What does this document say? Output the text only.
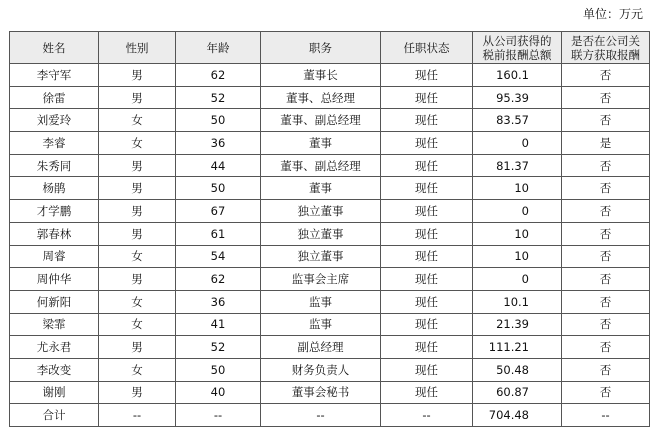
单位：万元
姓名	性别	年龄	职务	任职状态	从公司获得的税前报酬总额	是否在公司关联方获取报酬
李守军	男	62	董事长	现任	160.1	否
徐雷	男	52	董事、总经理	现任	95.39	否
刘爱玲	女	50	董事、副总经理	现任	83.57	否
李睿	女	36	董事	现任	0	是
朱秀同	男	44	董事、副总经理	现任	81.37	否
杨鹃	男	50	董事	现任	10	否
才学鹏	男	67	独立董事	现任	0	否
郭春林	男	61	独立董事	现任	10	否
周睿	女	54	独立董事	现任	10	否
周仲华	男	62	监事会主席	现任	0	否
何新阳	女	36	监事	现任	10.1	否
梁霏	女	41	监事	现任	21.39	否
尤永君	男	52	副总经理	现任	111.21	否
李改变	女	50	财务负责人	现任	50.48	否
谢刚	男	40	董事会秘书	现任	60.87	否
合计	--	--	--	--	704.48	--
